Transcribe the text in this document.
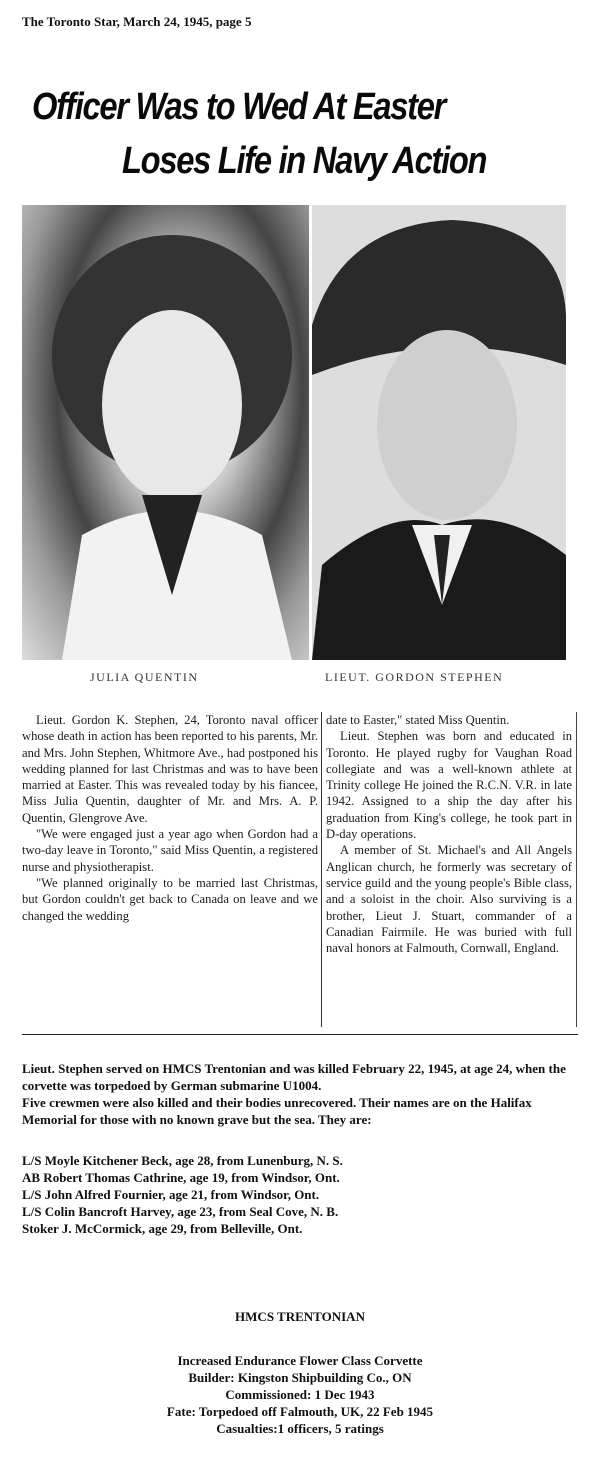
The Toronto Star, March 24, 1945, page 5
Officer Was to Wed At Easter
Loses Life in Navy Action
JULIA QUENTIN	LIEUT. GORDON STEPHEN

Lieut. Gordon K. Stephen, 24, Toronto naval officer whose death in action has been reported to his parents, Mr. and Mrs. John Stephen, Whitmore Ave., had postponed his wedding planned for last Christmas and was to have been married at Easter. This was revealed today by his fiancee, Miss Julia Quentin, daughter of Mr. and Mrs. A. P. Quentin, Glengrove Ave.

"We were engaged just a year ago when Gordon had a two-day leave in Toronto," said Miss Quentin, a registered nurse and physiotherapist.

"We planned originally to be married last Christmas, but Gordon couldn't get back to Canada on leave and we changed the wedding

date to Easter," stated Miss Quentin.

Lieut. Stephen was born and educated in Toronto. He played rugby for Vaughan Road collegiate and was a well-known athlete at Trinity college He joined the R.C.N. V.R. in late 1942. Assigned to a ship the day after his graduation from King's college, he took part in D-day operations.

A member of St. Michael's and All Angels Anglican church, he formerly was secretary of service guild and the young people's Bible class, and a soloist in the choir. Also surviving is a brother, Lieut J. Stuart, commander of a Canadian Fairmile. He was buried with full naval honors at Falmouth, Cornwall, England.

Lieut. Stephen served on HMCS Trentonian and was killed February 22, 1945, at age 24, when the corvette was torpedoed by German submarine U1004.

Five crewmen were also killed and their bodies unrecovered. Their names are on the Halifax Memorial for those with no known grave but the sea. They are:

L/S Moyle Kitchener Beck, age 28, from Lunenburg, N. S.

AB Robert Thomas Cathrine, age 19, from Windsor, Ont.

L/S John Alfred Fournier, age 21, from Windsor, Ont.

L/S Colin Bancroft Harvey, age 23, from Seal Cove, N. B.

Stoker J. McCormick, age 29, from Belleville, Ont.

HMCS TRENTONIAN
Increased Endurance Flower Class Corvette
Builder: Kingston Shipbuilding Co., ON
Commissioned: 1 Dec 1943
Fate: Torpedoed off Falmouth, UK, 22 Feb 1945
Casualties:1 officers, 5 ratings
